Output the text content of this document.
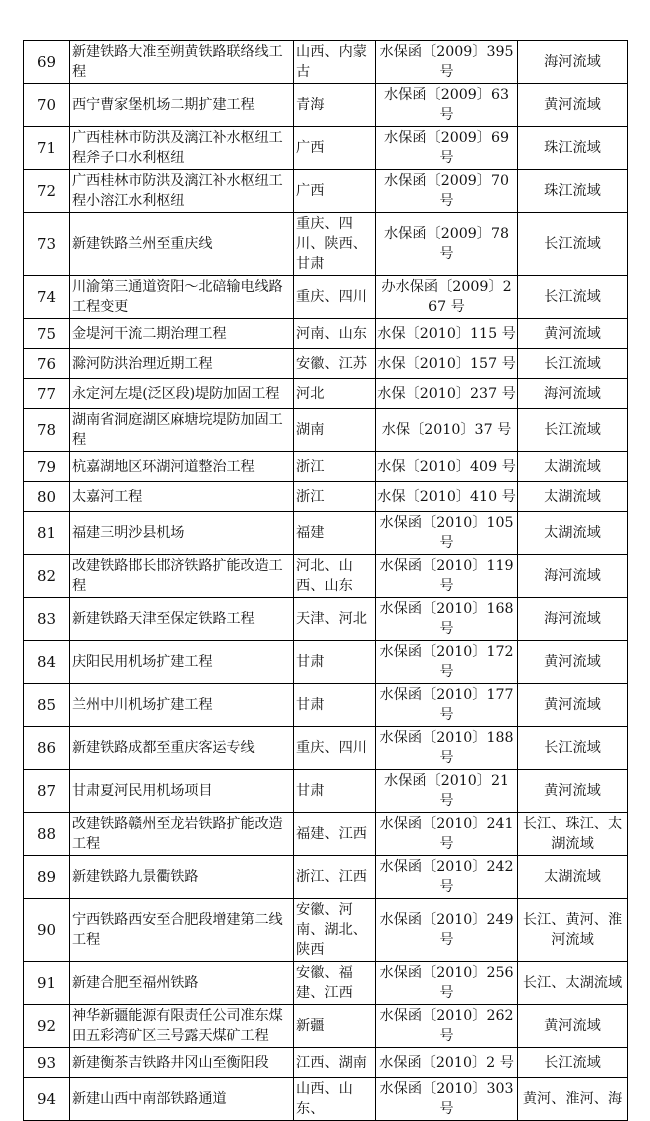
69	新建铁路大准至朔黄铁路联络线工程	山西、内蒙古	水保函〔2009〕395 号	海河流域
70	西宁曹家堡机场二期扩建工程	青海	水保函〔2009〕63 号	黄河流域
71	广西桂林市防洪及漓江补水枢纽工程斧子口水利枢纽	广西	水保函〔2009〕69 号	珠江流域
72	广西桂林市防洪及漓江补水枢纽工程小溶江水利枢纽	广西	水保函〔2009〕70 号	珠江流域
73	新建铁路兰州至重庆线	重庆、四川、陕西、甘肃	水保函〔2009〕78 号	长江流域
74	川渝第三通道资阳～北碚输电线路工程变更	重庆、四川	办水保函〔2009〕267 号	长江流域
75	金堤河干流二期治理工程	河南、山东	水保〔2010〕115 号	黄河流域
76	滁河防洪治理近期工程	安徽、江苏	水保〔2010〕157 号	长江流域
77	永定河左堤(泛区段)堤防加固工程	河北	水保〔2010〕237 号	海河流域
78	湖南省洞庭湖区麻塘垸堤防加固工程	湖南	水保〔2010〕37 号	长江流域
79	杭嘉湖地区环湖河道整治工程	浙江	水保〔2010〕409 号	太湖流域
80	太嘉河工程	浙江	水保〔2010〕410 号	太湖流域
81	福建三明沙县机场	福建	水保函〔2010〕105 号	太湖流域
82	改建铁路邯长邯济铁路扩能改造工程	河北、山西、山东	水保函〔2010〕119 号	海河流域
83	新建铁路天津至保定铁路工程	天津、河北	水保函〔2010〕168 号	海河流域
84	庆阳民用机场扩建工程	甘肃	水保函〔2010〕172 号	黄河流域
85	兰州中川机场扩建工程	甘肃	水保函〔2010〕177 号	黄河流域
86	新建铁路成都至重庆客运专线	重庆、四川	水保函〔2010〕188 号	长江流域
87	甘肃夏河民用机场项目	甘肃	水保函〔2010〕21 号	黄河流域
88	改建铁路赣州至龙岩铁路扩能改造工程	福建、江西	水保函〔2010〕241 号	长江、珠江、太湖流域
89	新建铁路九景衢铁路	浙江、江西	水保函〔2010〕242 号	太湖流域
90	宁西铁路西安至合肥段增建第二线工程	安徽、河南、湖北、陕西	水保函〔2010〕249 号	长江、黄河、淮河流域
91	新建合肥至福州铁路	安徽、福建、江西	水保函〔2010〕256 号	长江、太湖流域
92	神华新疆能源有限责任公司准东煤田五彩湾矿区三号露天煤矿工程	新疆	水保函〔2010〕262 号	黄河流域
93	新建衡茶吉铁路井冈山至衡阳段	江西、湖南	水保函〔2010〕2 号	长江流域
94	新建山西中南部铁路通道	山西、山东、	水保函〔2010〕303 号	黄河、淮河、海
